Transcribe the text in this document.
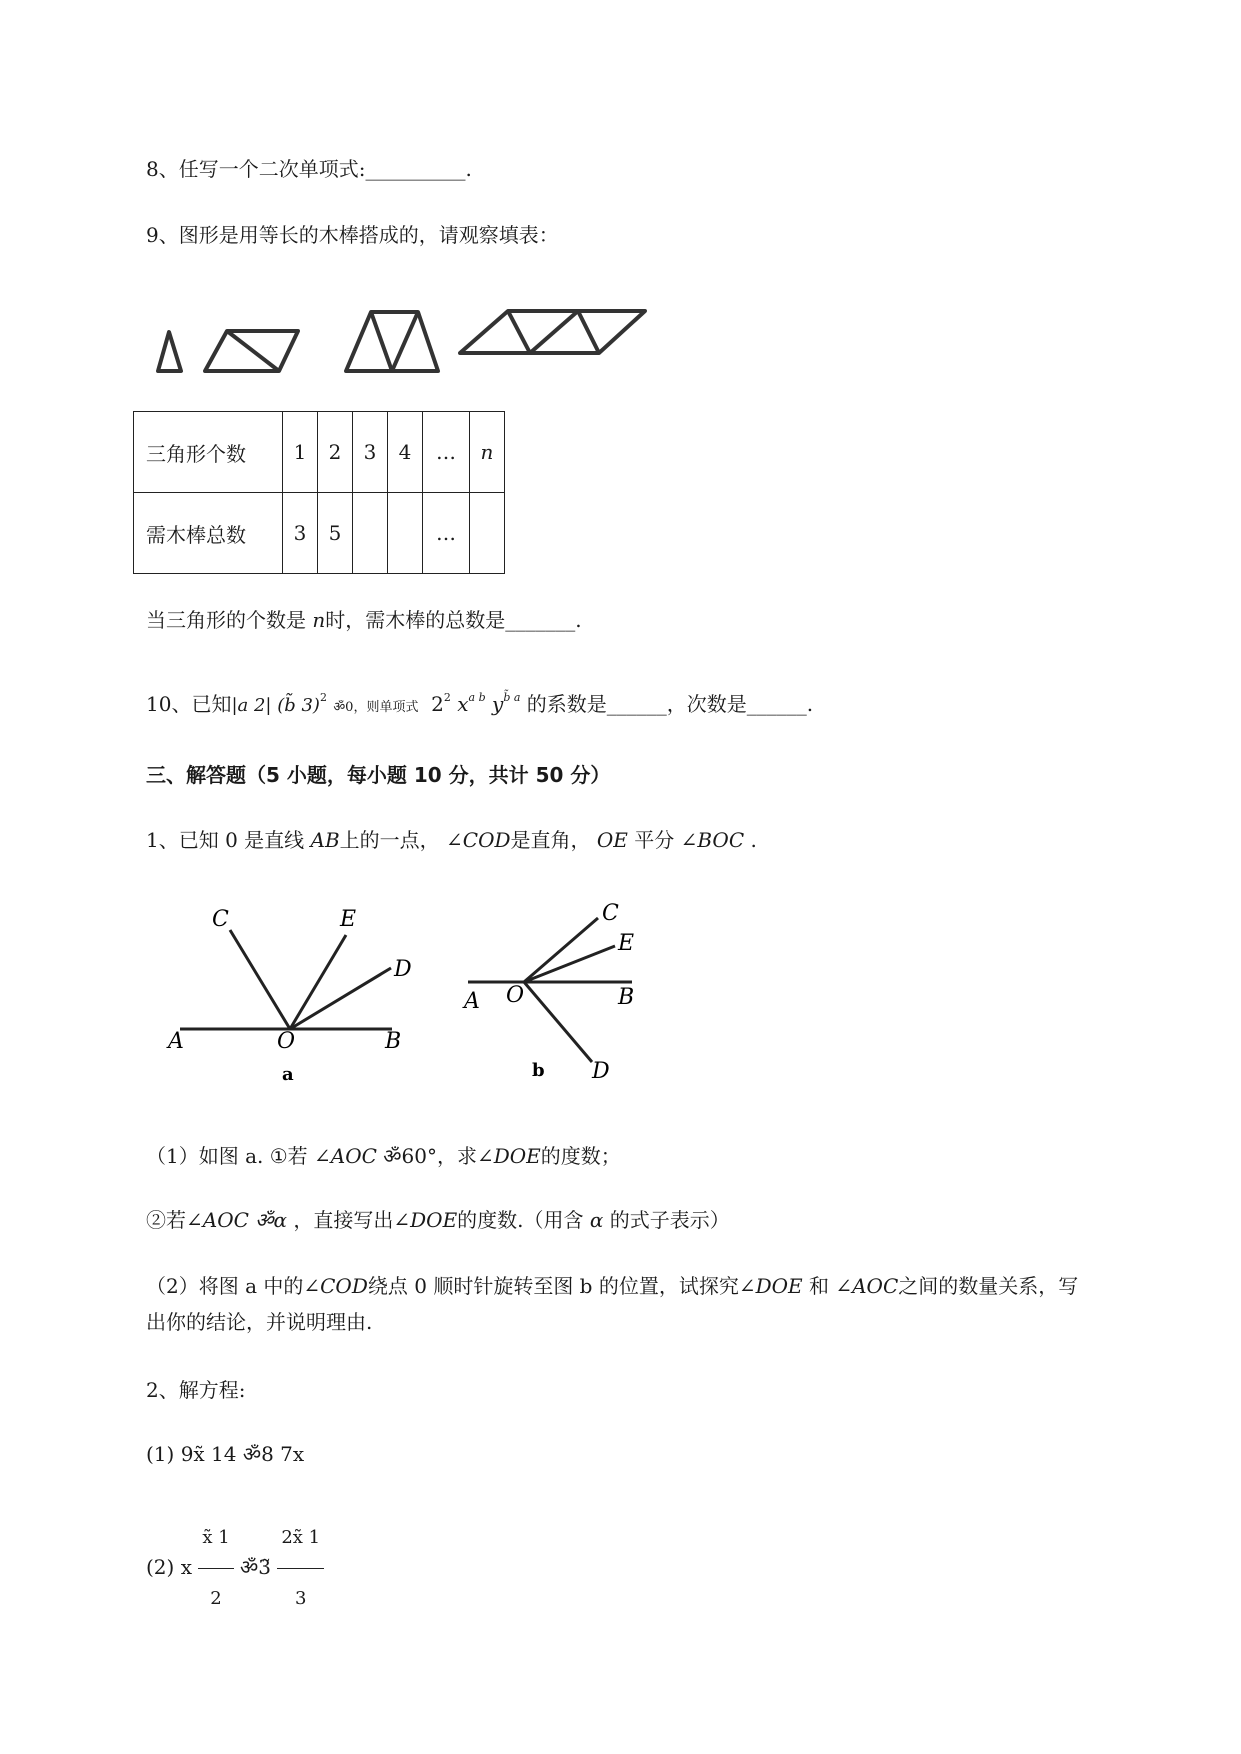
8、任写一个二次单项式:__________.
9、图形是用等长的木棒搭成的，请观察填表：
三角形个数	1	2	3	4	…	n
需木棒总数	3	5			…	
当三角形的个数是 n时，需木棒的总数是_______.
10、已知|a 2| (b̃ 3)$^2$ ॐ0，则单项式 $2^2$ $x^{a b}$ $y^{b̃ a}$ 的系数是______，次数是______.
三、解答题（5 小题，每小题 10 分，共计 50 分）
1、已知 0 是直线 AB上的一点， ∠COD是直角， OE 平分 ∠BOC .
C	E
D
A	O	B
a
C
E
A O	B
D
b
（1）如图 a. ①若 ∠AOC ॐ60°，求∠DOE的度数；
②若∠AOC ॐα ，直接写出∠DOE的度数.（用含 α 的式子表示）
（2）将图 a 中的∠COD绕点 0 顺时针旋转至图 b 的位置，试探究∠DOE 和 ∠AOC之间的数量关系，写
出你的结论，并说明理由.
2、解方程:
(1) 9x̃ 14 ॐ8 7x
(2) x $\frac{x̃ 1}{2}$ ॐ3̃ $\frac{2x̃ 1}{3}$
